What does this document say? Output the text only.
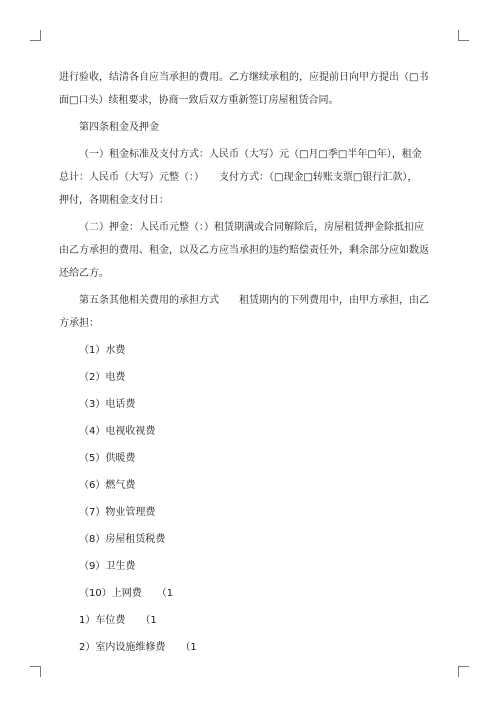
进行验收，结清各自应当承担的费用。乙方继续承租的，应提前日向甲方提出（□书
面□口头）续租要求，协商一致后双方重新签订房屋租赁合同。
第四条租金及押金
（一）租金标准及支付方式：人民币（大写）元（□月□季□半年□年），租金
总计：人民币（大写）元整（：）　　支付方式：（□现金□转账支票□银行汇款），
押付，各期租金支付日：
（二）押金：人民币元整（：）租赁期满或合同解除后，房屋租赁押金除抵扣应
由乙方承担的费用、租金，以及乙方应当承担的违约赔偿责任外，剩余部分应如数返
还给乙方。
第五条其他相关费用的承担方式　　租赁期内的下列费用中，由甲方承担，由乙
方承担：
（1）水费
（2）电费
（3）电话费
（4）电视收视费
（5）供暖费
（6）燃气费
（7）物业管理费
（8）房屋租赁税费
（9）卫生费
（10）上网费　　（1
1）车位费　　（1
2）室内设施维修费　　（1
